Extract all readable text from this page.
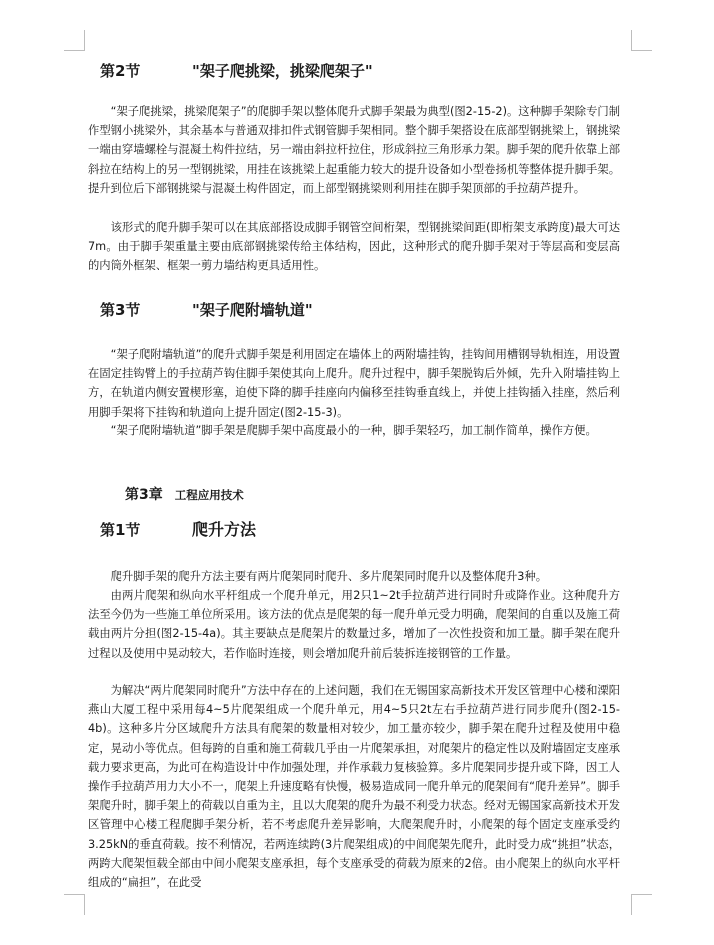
第2节	"架子爬挑梁，挑梁爬架子"

“架子爬挑梁，挑梁爬架子”的爬脚手架以整体爬升式脚手架最为典型(图2-15-2)。这种脚手架除专门制作型钢小挑梁外，其余基本与普通双排扣件式钢管脚手架相同。整个脚手架搭设在底部型钢挑梁上，钢挑梁一端由穿墙螺栓与混凝土构件拉结，另一端由斜拉杆拉住，形成斜拉三角形承力架。脚手架的爬升依靠上部斜拉在结构上的另一型钢挑梁，用挂在该挑梁上起重能力较大的提升设备如小型卷扬机等整体提升脚手架。提升到位后下部钢挑梁与混凝土构件固定，而上部型钢挑梁则利用挂在脚手架顶部的手拉葫芦提升。

该形式的爬升脚手架可以在其底部搭设成脚手钢管空间桁架，型钢挑梁间距(即桁架支承跨度)最大可达7m。由于脚手架重量主要由底部钢挑梁传给主体结构，因此，这种形式的爬升脚手架对于等层高和变层高的内筒外框架、框架一剪力墙结构更具适用性。

第3节	"架子爬附墙轨道"

“架子爬附墙轨道”的爬升式脚手架是利用固定在墙体上的两附墙挂钩，挂钩间用槽钢导轨相连，用设置在固定挂钩臂上的手拉葫芦钩住脚手架使其向上爬升。爬升过程中，脚手架脱钩后外倾，先升入附墙挂钩上方，在轨道内侧安置楔形塞，迫使下降的脚手挂座向内偏移至挂钩垂直线上，并使上挂钩插入挂座，然后利用脚手架将下挂钩和轨道向上提升固定(图2-15-3)。

“架子爬附墙轨道”脚手架是爬脚手架中高度最小的一种，脚手架轻巧，加工制作简单，操作方便。

第3章 工程应用技术
第1节	爬升方法

爬升脚手架的爬升方法主要有两片爬架同时爬升、多片爬架同时爬升以及整体爬升3种。

由两片爬架和纵向水平杆组成一个爬升单元，用2只1~2t手拉葫芦进行同时升或降作业。这种爬升方法至今仍为一些施工单位所采用。该方法的优点是爬架的每一爬升单元受力明确，爬架间的自重以及施工荷载由两片分担(图2-15-4a)。其主要缺点是爬架片的数量过多，增加了一次性投资和加工量。脚手架在爬升过程以及使用中晃动较大，若作临时连接，则会增加爬升前后装拆连接钢管的工作量。

为解决“两片爬架同时爬升”方法中存在的上述问题，我们在无锡国家高新技术开发区管理中心楼和溧阳燕山大厦工程中采用每4~5片爬架组成一个爬升单元，用4~5只2t左右手拉葫芦进行同步爬升(图2-15-4b)。这种多片分区域爬升方法具有爬架的数量相对较少，加工量亦较少，脚手架在爬升过程及使用中稳定，晃动小等优点。但每跨的自重和施工荷载几乎由一片爬架承担，对爬架片的稳定性以及附墙固定支座承载力要求更高，为此可在构造设计中作加强处理，并作承载力复核验算。多片爬架同步提升或下降，因工人操作手拉葫芦用力大小不一，爬架上升速度略有快慢，极易造成同一爬升单元的爬架间有“爬升差异”。脚手架爬升时，脚手架上的荷载以自重为主，且以大爬架的爬升为最不利受力状态。经对无锡国家高新技术开发区管理中心楼工程爬脚手架分析，若不考虑爬升差异影响，大爬架爬升时，小爬架的每个固定支座承受约3.25kN的垂直荷载。按不利情况，若两连续跨(3片爬架组成)的中间爬架先爬升，此时受力成“挑担”状态，两跨大爬架恒载全部由中间小爬架支座承担，每个支座承受的荷载为原来的2倍。由小爬架上的纵向水平杆组成的“扁担”，在此受
